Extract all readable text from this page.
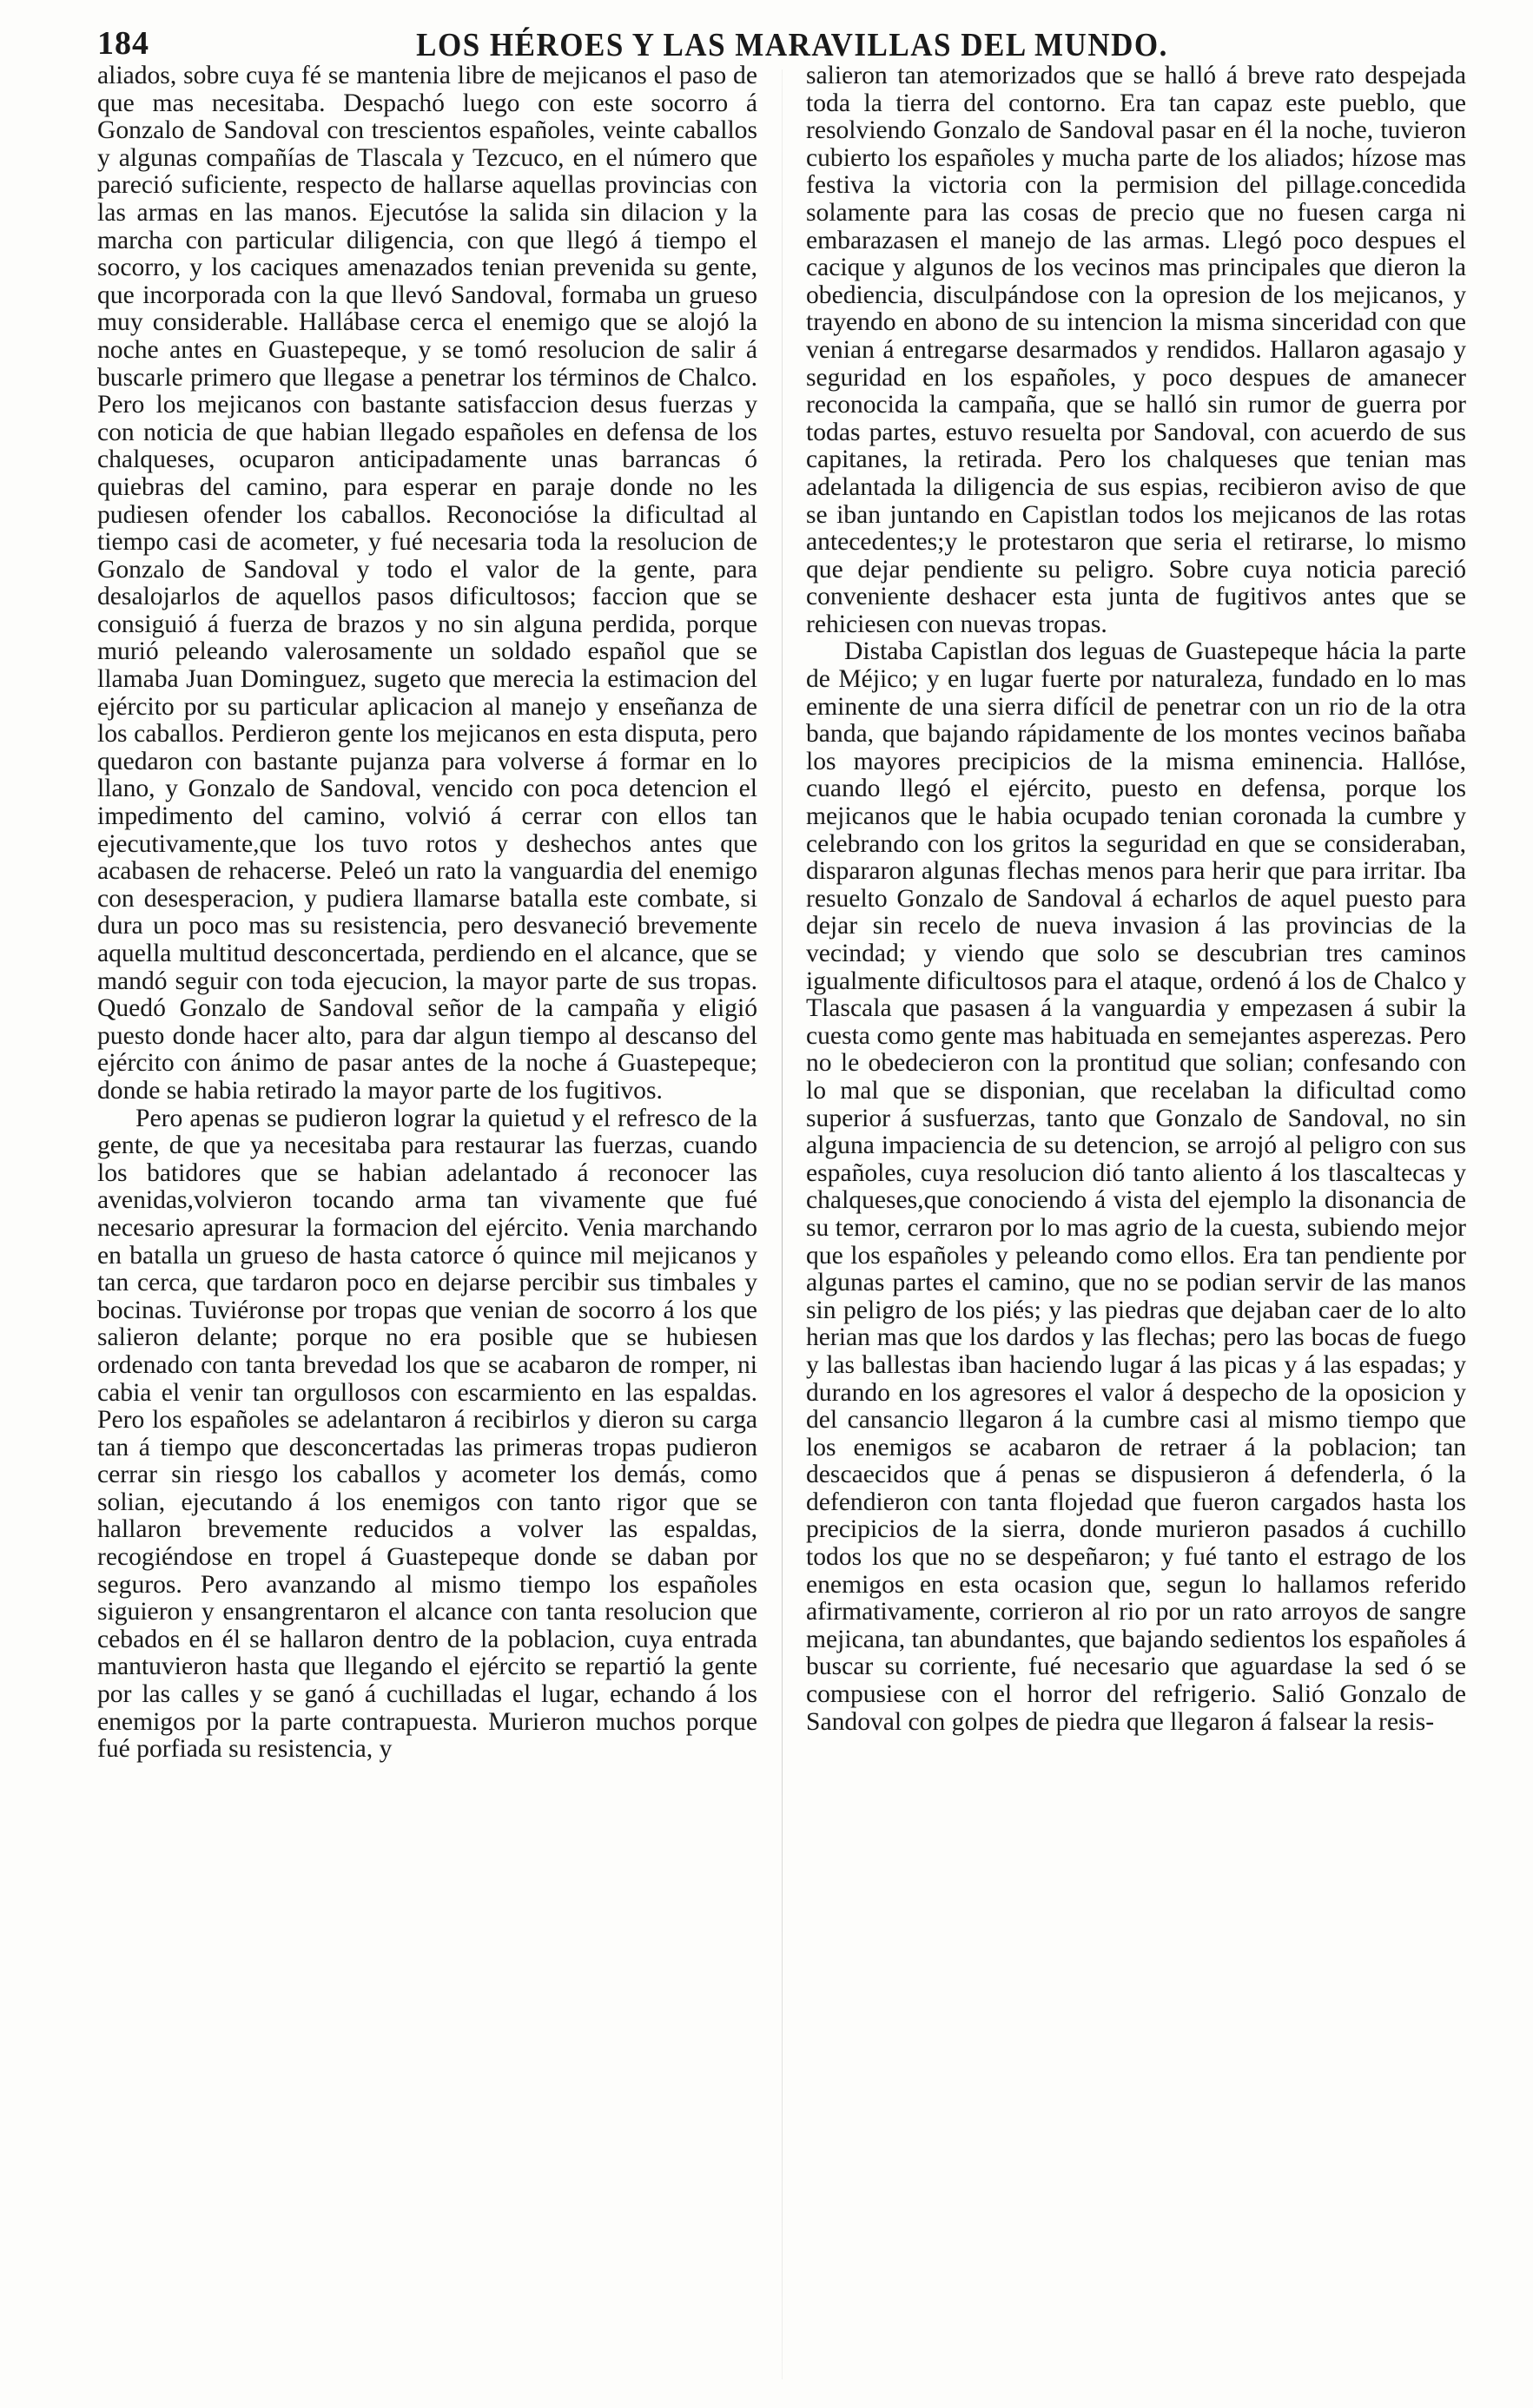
184	LOS HÉROES Y LAS MARAVILLAS DEL MUNDO.

aliados, sobre cuya fé se mantenia libre de mejicanos el paso de que mas necesitaba. Despachó luego con este socorro á Gonzalo de Sandoval con trescientos españoles, veinte caballos y algunas compañías de Tlascala y Tezcuco, en el número que pareció suficiente, respecto de hallarse aquellas provincias con las armas en las manos. Ejecutóse la salida sin dilacion y la marcha con particular diligencia, con que llegó á tiempo el socorro, y los caciques amenazados tenian prevenida su gente, que incorporada con la que llevó Sandoval, formaba un grueso muy considerable. Hallábase cerca el enemigo que se alojó la noche antes en Guastepeque, y se tomó resolucion de salir á buscarle primero que llegase a penetrar los términos de Chalco. Pero los mejicanos con bastante satisfaccion desus fuerzas y con noticia de que habian llegado españoles en defensa de los chalqueses, ocuparon anticipadamente unas barrancas ó quiebras del camino, para esperar en paraje donde no les pudiesen ofender los caballos. Reconocióse la dificultad al tiempo casi de acometer, y fué necesaria toda la resolucion de Gonzalo de Sandoval y todo el valor de la gente, para desalojarlos de aquellos pasos dificultosos; faccion que se consiguió á fuerza de brazos y no sin alguna perdida, porque murió peleando valerosamente un soldado español que se llamaba Juan Dominguez, sugeto que merecia la estimacion del ejército por su particular aplicacion al manejo y enseñanza de los caballos. Perdieron gente los mejicanos en esta disputa, pero quedaron con bastante pujanza para volverse á formar en lo llano, y Gonzalo de Sandoval, vencido con poca detencion el impedimento del camino, volvió á cerrar con ellos tan ejecutivamente,que los tuvo rotos y deshechos antes que acabasen de rehacerse. Peleó un rato la vanguardia del enemigo con desesperacion, y pudiera llamarse batalla este combate, si dura un poco mas su resistencia, pero desvaneció brevemente aquella multitud desconcertada, perdiendo en el alcance, que se mandó seguir con toda ejecucion, la mayor parte de sus tropas. Quedó Gonzalo de Sandoval señor de la campaña y eligió puesto donde hacer alto, para dar algun tiempo al descanso del ejército con ánimo de pasar antes de la noche á Guastepeque; donde se habia retirado la mayor parte de los fugitivos.

Pero apenas se pudieron lograr la quietud y el refresco de la gente, de que ya necesitaba para restaurar las fuerzas, cuando los batidores que se habian adelantado á reconocer las avenidas,volvieron tocando arma tan vivamente que fué necesario apresurar la formacion del ejército. Venia marchando en batalla un grueso de hasta catorce ó quince mil mejicanos y tan cerca, que tardaron poco en dejarse percibir sus timbales y bocinas. Tuviéronse por tropas que venian de socorro á los que salieron delante; porque no era posible que se hubiesen ordenado con tanta brevedad los que se acabaron de romper, ni cabia el venir tan orgullosos con escarmiento en las espaldas. Pero los españoles se adelantaron á recibirlos y dieron su carga tan á tiempo que desconcertadas las primeras tropas pudieron cerrar sin riesgo los caballos y acometer los demás, como solian, ejecutando á los enemigos con tanto rigor que se hallaron brevemente reducidos a volver las espaldas, recogiéndose en tropel á Guastepeque donde se daban por seguros. Pero avanzando al mismo tiempo los españoles siguieron y ensangrentaron el alcance con tanta resolucion que cebados en él se hallaron dentro de la poblacion, cuya entrada mantuvieron hasta que llegando el ejército se repartió la gente por las calles y se ganó á cuchilladas el lugar, echando á los enemigos por la parte contrapuesta. Murieron muchos porque fué porfiada su resistencia, y

salieron tan atemorizados que se halló á breve rato despejada toda la tierra del contorno. Era tan capaz este pueblo, que resolviendo Gonzalo de Sandoval pasar en él la noche, tuvieron cubierto los españoles y mucha parte de los aliados; hízose mas festiva la victoria con la permision del pillage.concedida solamente para las cosas de precio que no fuesen carga ni embarazasen el manejo de las armas. Llegó poco despues el cacique y algunos de los vecinos mas principales que dieron la obediencia, disculpándose con la opresion de los mejicanos, y trayendo en abono de su intencion la misma sinceridad con que venian á entregarse desarmados y rendidos. Hallaron agasajo y seguridad en los españoles, y poco despues de amanecer reconocida la campaña, que se halló sin rumor de guerra por todas partes, estuvo resuelta por Sandoval, con acuerdo de sus capitanes, la retirada. Pero los chalqueses que tenian mas adelantada la diligencia de sus espias, recibieron aviso de que se iban juntando en Capistlan todos los mejicanos de las rotas antecedentes;y le protestaron que seria el retirarse, lo mismo que dejar pendiente su peligro. Sobre cuya noticia pareció conveniente deshacer esta junta de fugitivos antes que se rehiciesen con nuevas tropas.

Distaba Capistlan dos leguas de Guastepeque hácia la parte de Méjico; y en lugar fuerte por naturaleza, fundado en lo mas eminente de una sierra difícil de penetrar con un rio de la otra banda, que bajando rápidamente de los montes vecinos bañaba los mayores precipicios de la misma eminencia. Hallóse, cuando llegó el ejército, puesto en defensa, porque los mejicanos que le habia ocupado tenian coronada la cumbre y celebrando con los gritos la seguridad en que se consideraban, dispararon algunas flechas menos para herir que para irritar. Iba resuelto Gonzalo de Sandoval á echarlos de aquel puesto para dejar sin recelo de nueva invasion á las provincias de la vecindad; y viendo que solo se descubrian tres caminos igualmente dificultosos para el ataque, ordenó á los de Chalco y Tlascala que pasasen á la vanguardia y empezasen á subir la cuesta como gente mas habituada en semejantes asperezas. Pero no le obedecieron con la prontitud que solian; confesando con lo mal que se disponian, que recelaban la dificultad como superior á susfuerzas, tanto que Gonzalo de Sandoval, no sin alguna impaciencia de su detencion, se arrojó al peligro con sus españoles, cuya resolucion dió tanto aliento á los tlascaltecas y chalqueses,que conociendo á vista del ejemplo la disonancia de su temor, cerraron por lo mas agrio de la cuesta, subiendo mejor que los españoles y peleando como ellos. Era tan pendiente por algunas partes el camino, que no se podian servir de las manos sin peligro de los piés; y las piedras que dejaban caer de lo alto herian mas que los dardos y las flechas; pero las bocas de fuego y las ballestas iban haciendo lugar á las picas y á las espadas; y durando en los agresores el valor á despecho de la oposicion y del cansancio llegaron á la cumbre casi al mismo tiempo que los enemigos se acabaron de retraer á la poblacion; tan descaecidos que á penas se dispusieron á defenderla, ó la defendieron con tanta flojedad que fueron cargados hasta los precipicios de la sierra, donde murieron pasados á cuchillo todos los que no se despeñaron; y fué tanto el estrago de los enemigos en esta ocasion que, segun lo hallamos referido afirmativamente, corrieron al rio por un rato arroyos de sangre mejicana, tan abundantes, que bajando sedientos los españoles á buscar su corriente, fué necesario que aguardase la sed ó se compusiese con el horror del refrigerio. Salió Gonzalo de Sandoval con golpes de piedra que llegaron á falsear la resis-
